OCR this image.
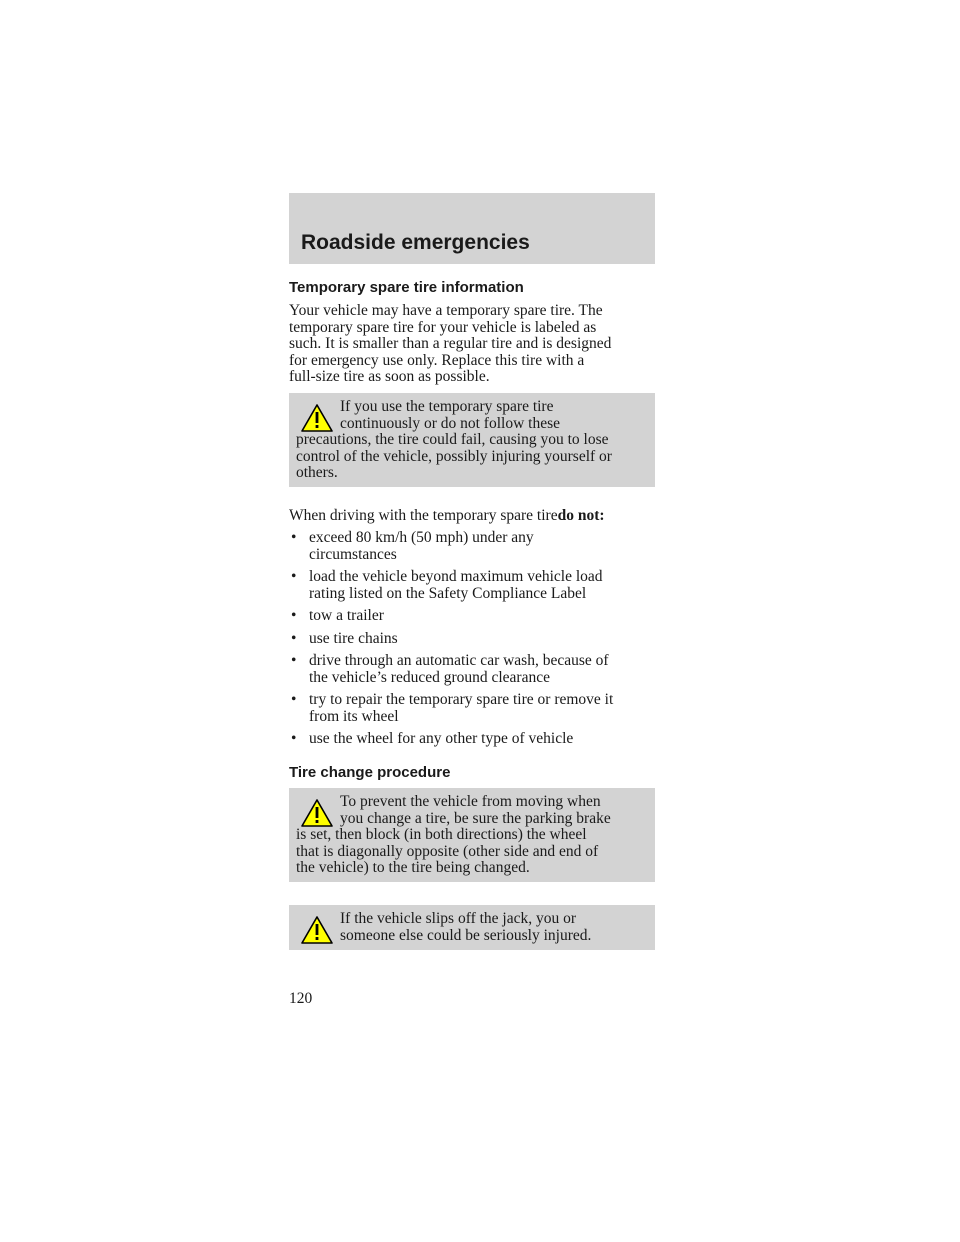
Roadside emergencies
Temporary spare tire information

Your vehicle may have a temporary spare tire. The
temporary spare tire for your vehicle is labeled as
such. It is smaller than a regular tire and is designed
for emergency use only. Replace this tire with a
full-size tire as soon as possible.

If you use the temporary spare tire
continuously or do not follow these
precautions, the tire could fail, causing you to lose
control of the vehicle, possibly injuring yourself or
others.

When driving with the temporary spare tiredo not:

• exceed 80 km/h (50 mph) under any
circumstances
• load the vehicle beyond maximum vehicle load
rating listed on the Safety Compliance Label
• tow a trailer
• use tire chains
• drive through an automatic car wash, because of
the vehicle’s reduced ground clearance
• try to repair the temporary spare tire or remove it
from its wheel
• use the wheel for any other type of vehicle
Tire change procedure
To prevent the vehicle from moving when
you change a tire, be sure the parking brake
is set, then block (in both directions) the wheel
that is diagonally opposite (other side and end of
the vehicle) to the tire being changed.
If the vehicle slips off the jack, you or
someone else could be seriously injured.
120
